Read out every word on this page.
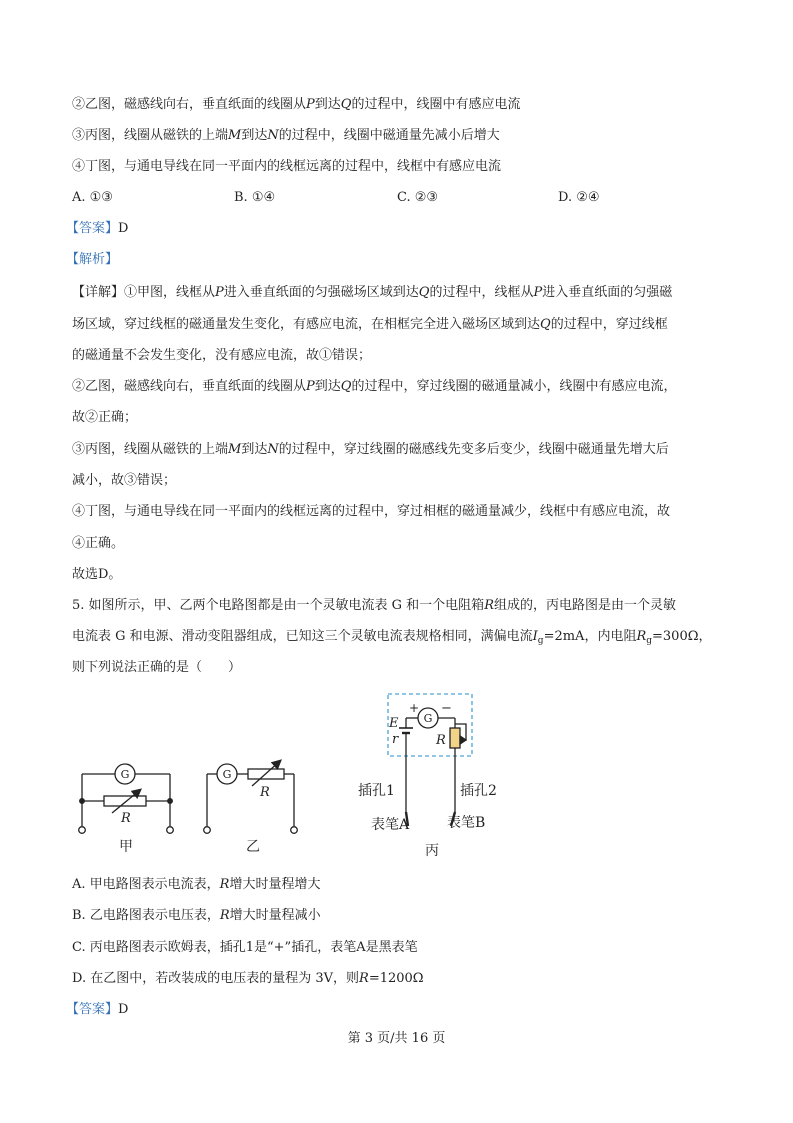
②乙图，磁感线向右，垂直纸面的线圈从P到达Q的过程中，线圈中有感应电流
③丙图，线圈从磁铁的上端M到达N的过程中，线圈中磁通量先减小后增大
④丁图，与通电导线在同一平面内的线框远离的过程中，线框中有感应电流
A. ①③	B. ①④	C. ②③	D. ②④
【答案】D
【解析】
【详解】①甲图，线框从P进入垂直纸面的匀强磁场区域到达Q的过程中，线框从P进入垂直纸面的匀强磁
场区域，穿过线框的磁通量发生变化，有感应电流，在相框完全进入磁场区域到达Q的过程中，穿过线框
的磁通量不会发生变化，没有感应电流，故①错误；
②乙图，磁感线向右，垂直纸面的线圈从P到达Q的过程中，穿过线圈的磁通量减小，线圈中有感应电流，
故②正确；
③丙图，线圈从磁铁的上端M到达N的过程中，穿过线圈的磁感线先变多后变少，线圈中磁通量先增大后
减小，故③错误；
④丁图，与通电导线在同一平面内的线框远离的过程中，穿过相框的磁通量减少，线框中有感应电流，故
④正确。
故选D。
5. 如图所示，甲、乙两个电路图都是由一个灵敏电流表 G 和一个电阻箱R组成的，丙电路图是由一个灵敏
电流表 G 和电源、滑动变阻器组成，已知这三个灵敏电流表规格相同，满偏电流$I_g=2mA$，内电阻$R_g=300\Omega$，
则下列说法正确的是（　　）
G
R
甲
G
R
乙
G
+ −
E
r	R
插孔1	插孔2
表笔A	表笔B
丙
A. 甲电路图表示电流表，R增大时量程增大
B. 乙电路图表示电压表，R增大时量程减小
C. 丙电路图表示欧姆表，插孔1是“+”插孔，表笔A是黑表笔
D. 在乙图中，若改装成的电压表的量程为 3V，则R=1200Ω
【答案】D
第 3 页/共 16 页
